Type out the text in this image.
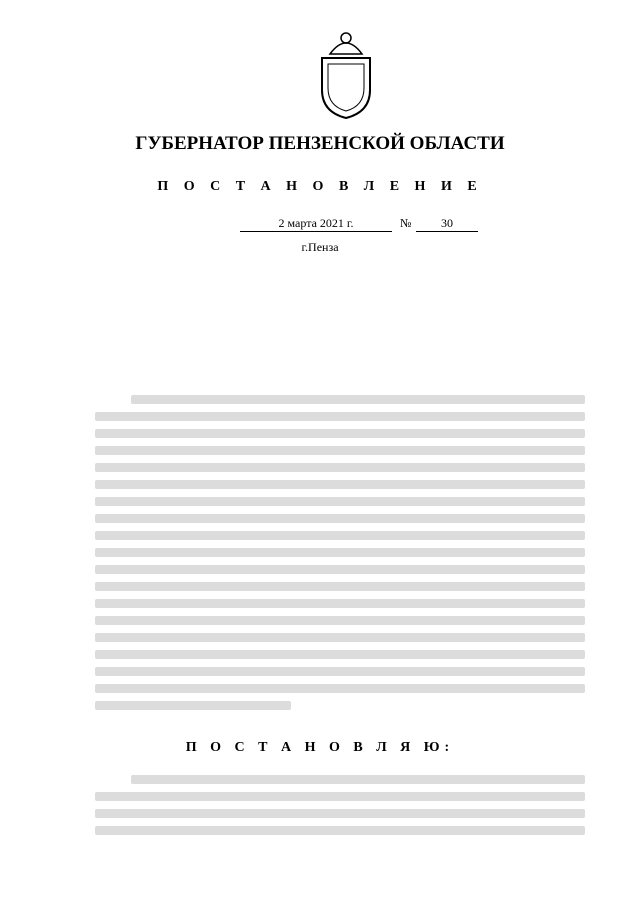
ГУБЕРНАТОР ПЕНЗЕНСКОЙ ОБЛАСТИ
П О С Т А Н О В Л Е Н И Е
2 марта 2021 г.	№	30
г.Пенза
П О С Т А Н О В Л Я Ю:
